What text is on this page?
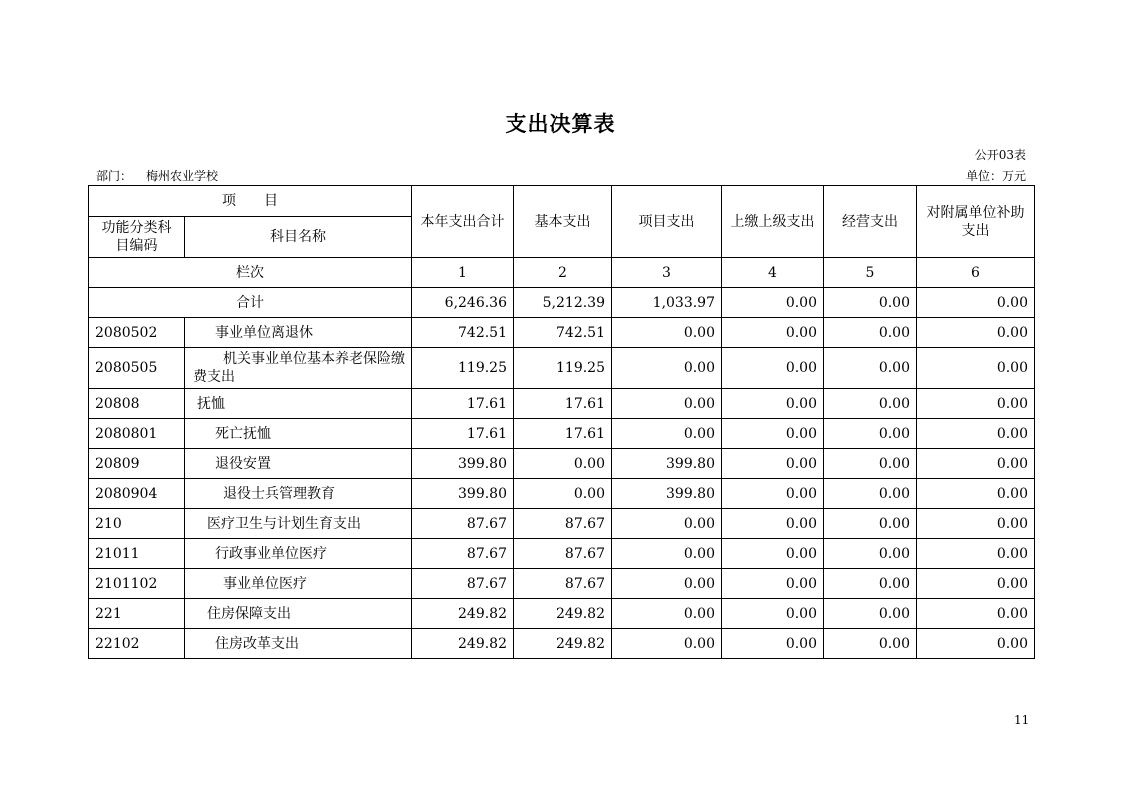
支出决算表
公开03表
部门： 梅州农业学校	单位：万元
项　　目		本年支出合计	基本支出	项目支出	上缴上级支出	经营支出	对附属单位补助支出
功能分类科目编码	科目名称						
栏次		1	2	3	4	5	6
合计		6,246.36	5,212.39	1,033.97	0.00	0.00	0.00
2080502	事业单位离退休	742.51	742.51	0.00	0.00	0.00	0.00
2080505	机关事业单位基本养老保险缴费支出	119.25	119.25	0.00	0.00	0.00	0.00
20808	抚恤	17.61	17.61	0.00	0.00	0.00	0.00
2080801	死亡抚恤	17.61	17.61	0.00	0.00	0.00	0.00
20809	退役安置	399.80	0.00	399.80	0.00	0.00	0.00
2080904	退役士兵管理教育	399.80	0.00	399.80	0.00	0.00	0.00
210	医疗卫生与计划生育支出	87.67	87.67	0.00	0.00	0.00	0.00
21011	行政事业单位医疗	87.67	87.67	0.00	0.00	0.00	0.00
2101102	事业单位医疗	87.67	87.67	0.00	0.00	0.00	0.00
221	住房保障支出	249.82	249.82	0.00	0.00	0.00	0.00
22102	住房改革支出	249.82	249.82	0.00	0.00	0.00	0.00
11
